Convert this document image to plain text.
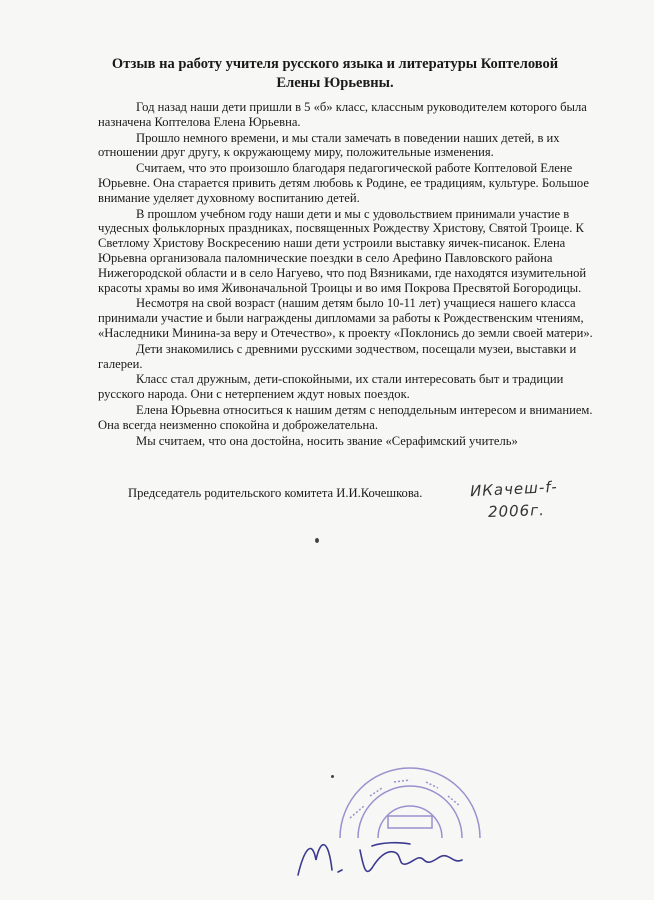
Отзыв на работу учителя русского языка и литературы Коптеловой
Елены Юрьевны.

Год назад наши дети пришли в 5 «б» класс, классным руководителем которого была назначена Коптелова Елена Юрьевна.

Прошло немного времени, и мы стали замечать в поведении наших детей, в их отношении друг другу, к окружающему миру, положительные изменения.

Считаем, что это произошло благодаря педагогической работе Коптеловой Елене Юрьевне. Она старается привить детям любовь к Родине, ее традициям, культуре. Большое внимание уделяет духовному воспитанию детей.

В прошлом учебном году наши дети и мы с удовольствием принимали участие в чудесных фольклорных праздниках, посвященных Рождеству Христову, Святой Троице. К Светлому Христову Воскресению наши дети устроили выставку яичек-писанок. Елена Юрьевна организовала паломнические поездки в село Арефино Павловского района Нижегородской области и в село Нагуево, что под Вязниками, где находятся изумительной красоты храмы во имя Живоначальной Троицы и во имя Покрова Пресвятой Богородицы.

Несмотря на свой возраст (нашим детям было 10-11 лет) учащиеся нашего класса принимали участие и были награждены дипломами за работы к Рождественским чтениям, «Наследники Минина-за веру и Отечество», к проекту «Поклонись до земли своей матери».

Дети знакомились с древними русскими зодчеством, посещали музеи, выставки и галереи.

Класс стал дружным, дети-спокойными, их стали интересовать быт и традиции русского народа. Они с нетерпением ждут новых поездок.

Елена Юрьевна относиться к нашим детям с неподдельным интересом и вниманием. Она всегда неизменно спокойна и доброжелательна.

Мы считаем, что она достойна, носить звание «Серафимский учитель»

Председатель родительского комитета И.И.Кочешкова.	ИКачеш-f-
2006г.
